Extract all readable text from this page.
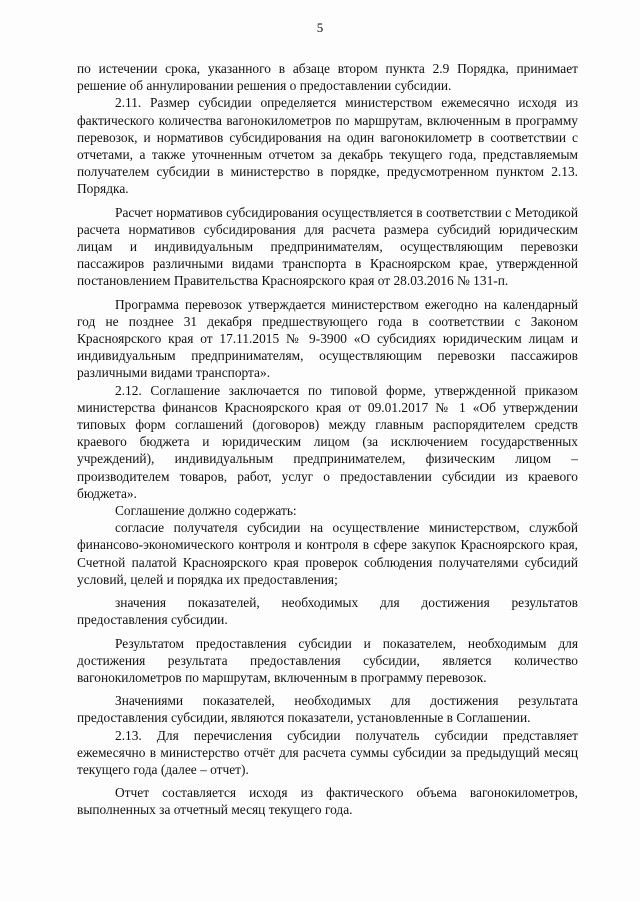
5

по истечении срока, указанного в абзаце втором пункта 2.9 Порядка, принимает решение об аннулировании решения о предоставлении субсидии.

2.11. Размер субсидии определяется министерством ежемесячно исходя из фактического количества вагонокилометров по маршрутам, включенным в программу перевозок, и нормативов субсидирования на один вагонокилометр в соответствии с отчетами, а также уточненным отчетом за декабрь текущего года, представляемым получателем субсидии в министерство в порядке, предусмотренном пунктом 2.13. Порядка.

Расчет нормативов субсидирования осуществляется в соответствии с Методикой расчета нормативов субсидирования для расчета размера субсидий юридическим лицам и индивидуальным предпринимателям, осуществляющим перевозки пассажиров различными видами транспорта в Красноярском крае, утвержденной постановлением Правительства Красноярского края от 28.03.2016 № 131-п.

Программа перевозок утверждается министерством ежегодно на календарный год не позднее 31 декабря предшествующего года в соответствии с Законом Красноярского края от 17.11.2015 № 9-3900 «О субсидиях юридическим лицам и индивидуальным предпринимателям, осуществляющим перевозки пассажиров различными видами транспорта».

2.12. Соглашение заключается по типовой форме, утвержденной приказом министерства финансов Красноярского края от 09.01.2017 № 1 «Об утверждении типовых форм соглашений (договоров) между главным распорядителем средств краевого бюджета и юридическим лицом (за исключением государственных учреждений), индивидуальным предпринимателем, физическим лицом – производителем товаров, работ, услуг о предоставлении субсидии из краевого бюджета».

Соглашение должно содержать:

согласие получателя субсидии на осуществление министерством, службой финансово-экономического контроля и контроля в сфере закупок Красноярского края, Счетной палатой Красноярского края проверок соблюдения получателями субсидий условий, целей и порядка их предоставления;

значения показателей, необходимых для достижения результатов предоставления субсидии.

Результатом предоставления субсидии и показателем, необходимым для достижения результата предоставления субсидии, является количество вагонокилометров по маршрутам, включенным в программу перевозок.

Значениями показателей, необходимых для достижения результата предоставления субсидии, являются показатели, установленные в Соглашении.

2.13. Для перечисления субсидии получатель субсидии представляет ежемесячно в министерство отчёт для расчета суммы субсидии за предыдущий месяц текущего года (далее – отчет).

Отчет составляется исходя из фактического объема вагонокилометров, выполненных за отчетный месяц текущего года.
